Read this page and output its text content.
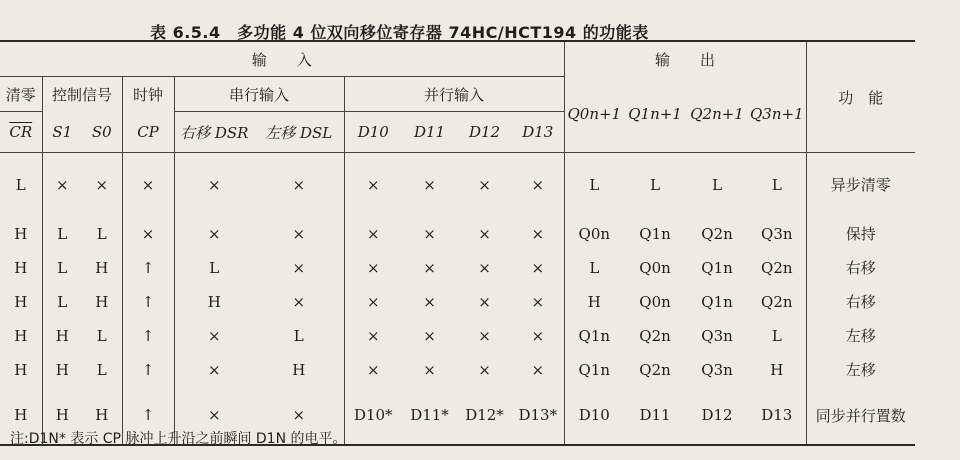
表 6.5.4　多功能 4 位双向移位寄存器 74HC/HCT194 的功能表
输　　入										输　　出				功　能
清零	控制信号		时钟	串行输入		并行输入				Q0n+1	Q1n+1	Q2n+1	Q3n+1	
$\overline{CR}$	S1	S0	CP	右移 DSR	左移 DSL	D10	D11	D12	D13					
L	×	×	×	×	×	×	×	×	×	L	L	L	L	异步清零
H	L	L	×	×	×	×	×	×	×	Q0n	Q1n	Q2n	Q3n	保持
H	L	H	↑	L	×	×	×	×	×	L	Q0n	Q1n	Q2n	右移
H	L	H	↑	H	×	×	×	×	×	H	Q0n	Q1n	Q2n	右移
H	H	L	↑	×	L	×	×	×	×	Q1n	Q2n	Q3n	L	左移
H	H	L	↑	×	H	×	×	×	×	Q1n	Q2n	Q3n	H	左移
H	H	H	↑	×	×	D10*	D11*	D12*	D13*	D10	D11	D12	D13	同步并行置数
注:D1N* 表示 CP 脉冲上升沿之前瞬间 D1N 的电平。
